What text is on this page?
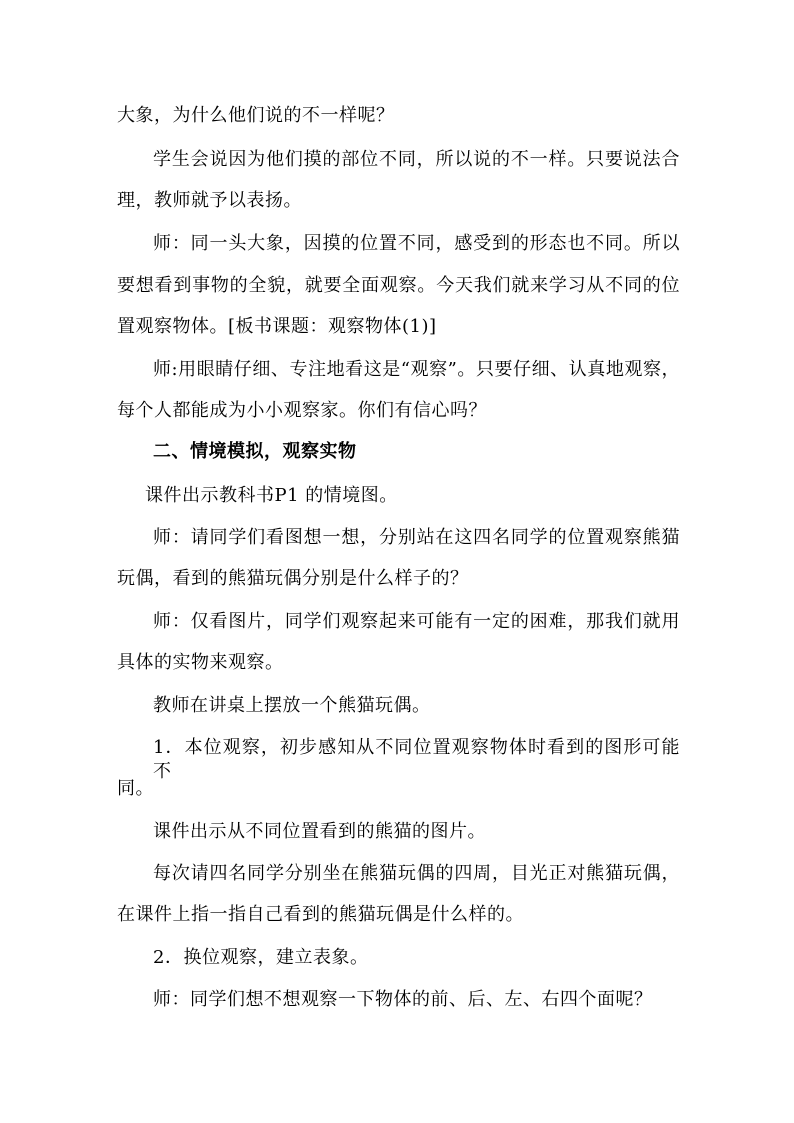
大象，为什么他们说的不一样呢？
学生会说因为他们摸的部位不同，所以说的不一样。只要说法合
理，教师就予以表扬。
师：同一头大象，因摸的位置不同，感受到的形态也不同。所以
要想看到事物的全貌，就要全面观察。今天我们就来学习从不同的位
置观察物体。[板书课题：观察物体(1)]
师:用眼睛仔细、专注地看这是“观察”。只要仔细、认真地观察，
每个人都能成为小小观察家。你们有信心吗？
二、情境模拟，观察实物
课件出示教科书P1 的情境图。
师：请同学们看图想一想，分别站在这四名同学的位置观察熊猫
玩偶，看到的熊猫玩偶分别是什么样子的？
师：仅看图片，同学们观察起来可能有一定的困难，那我们就用
具体的实物来观察。
教师在讲桌上摆放一个熊猫玩偶。
1．本位观察，初步感知从不同位置观察物体时看到的图形可能不
同。
课件出示从不同位置看到的熊猫的图片。
每次请四名同学分别坐在熊猫玩偶的四周，目光正对熊猫玩偶，
在课件上指一指自己看到的熊猫玩偶是什么样的。
2．换位观察，建立表象。
师：同学们想不想观察一下物体的前、后、左、右四个面呢？
